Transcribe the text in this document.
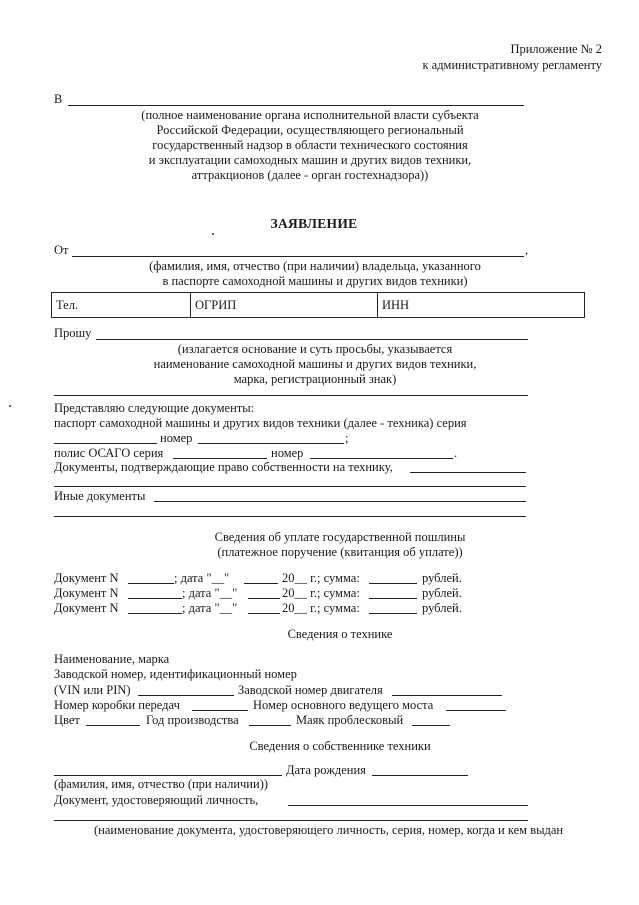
Приложение № 2
к административному регламенту
В
(полное наименование органа исполнительной власти субъекта
Российской Федерации, осуществляющего региональный
государственный надзор в области технического состояния
и эксплуатации самоходных машин и других видов техники,
аттракционов (далее - орган гостехнадзора))
ЗАЯВЛЕНИЕ
От	,
(фамилия, имя, отчество (при наличии) владельца, указанного
в паспорте самоходной машины и других видов техники)
Тел.	ОГРИП	ИНН
Прошу
(излагается основание и суть просьбы, указывается
наименование самоходной машины и других видов техники,
марка, регистрационный знак)
Представляю следующие документы:
паспорт самоходной машины и других видов техники (далее - техника) серия
номер	;
полис ОСАГО серия	номер	.
Документы, подтверждающие право собственности на технику,
Иные документы
Сведения об уплате государственной пошлины
(платежное поручение (квитанция об уплате))
Документ N	; дата "__"	20__ г.; сумма:	рублей.
Документ N	; дата "__"	20__ г.; сумма:	рублей.
Документ N	; дата "__"	20__ г.; сумма:	рублей.
Сведения о технике
Наименование, марка
Заводской номер, идентификационный номер
(VIN или PIN)	Заводской номер двигателя
Номер коробки передач	Номер основного ведущего моста
Цвет	Год производства	Маяк проблесковый
Сведения о собственнике техники
Дата рождения
(фамилия, имя, отчество (при наличии))
Документ, удостоверяющий личность,
(наименование документа, удостоверяющего личность, серия, номер, когда и кем выдан
